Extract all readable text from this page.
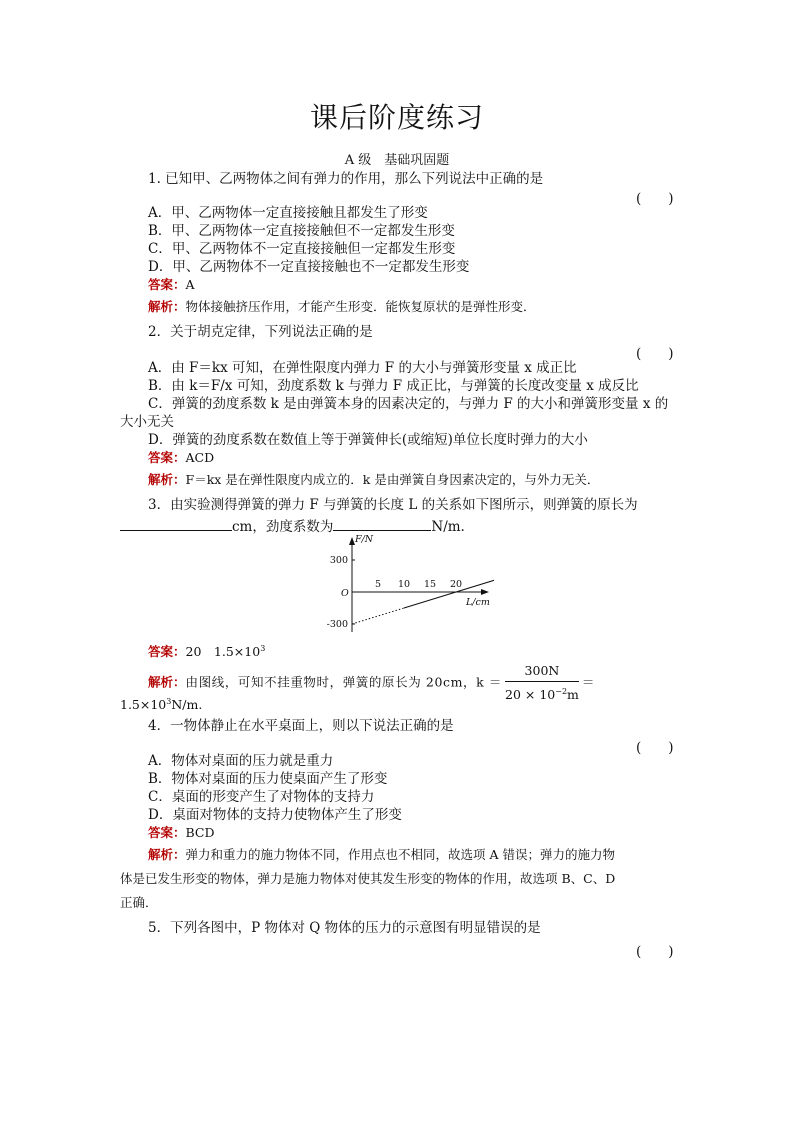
课后阶度练习
A 级　基础巩固题
1. 已知甲、乙两物体之间有弹力的作用，那么下列说法中正确的是
(　　)
A．甲、乙两物体一定直接接触且都发生了形变
B．甲、乙两物体一定直接接触但不一定都发生形变
C．甲、乙两物体不一定直接接触但一定都发生形变
D．甲、乙两物体不一定直接接触也不一定都发生形变
答案：A
解析：物体接触挤压作用，才能产生形变．能恢复原状的是弹性形变．
2．关于胡克定律，下列说法正确的是
(　　)
A．由 F＝kx 可知，在弹性限度内弹力 F 的大小与弹簧形变量 x 成正比
B．由 k＝F/x 可知，劲度系数 k 与弹力 F 成正比，与弹簧的长度改变量 x 成反比
C．弹簧的劲度系数 k 是由弹簧本身的因素决定的，与弹力 F 的大小和弹簧形变量 x 的
大小无关
D．弹簧的劲度系数在数值上等于弹簧伸长(或缩短)单位长度时弹力的大小
答案：ACD
解析：F＝kx 是在弹性限度内成立的．k 是由弹簧自身因素决定的，与外力无关．
3．由实验测得弹簧的弹力 F 与弹簧的长度 L 的关系如下图所示，则弹簧的原长为
cm，劲度系数为	N/m.
F/N
L/cm
O
5 10 15 20
300
-300
答案：20　$1.5\times 10^3$
解析：由图线，可知不挂重物时，弹簧的原长为 20cm，$k = \frac{300N}{20 \times 10^{-2}m}$ ＝
$1.5\times 10^3N/m$.
4．一物体静止在水平桌面上，则以下说法正确的是
(　　)
A．物体对桌面的压力就是重力
B．物体对桌面的压力使桌面产生了形变
C．桌面的形变产生了对物体的支持力
D．桌面对物体的支持力使物体产生了形变
答案：BCD
解析：弹力和重力的施力物体不同，作用点也不相同，故选项 A 错误；弹力的施力物
体是已发生形变的物体，弹力是施力物体对使其发生形变的物体的作用，故选项 B、C、D
正确．
5．下列各图中，P 物体对 Q 物体的压力的示意图有明显错误的是
(　　)
